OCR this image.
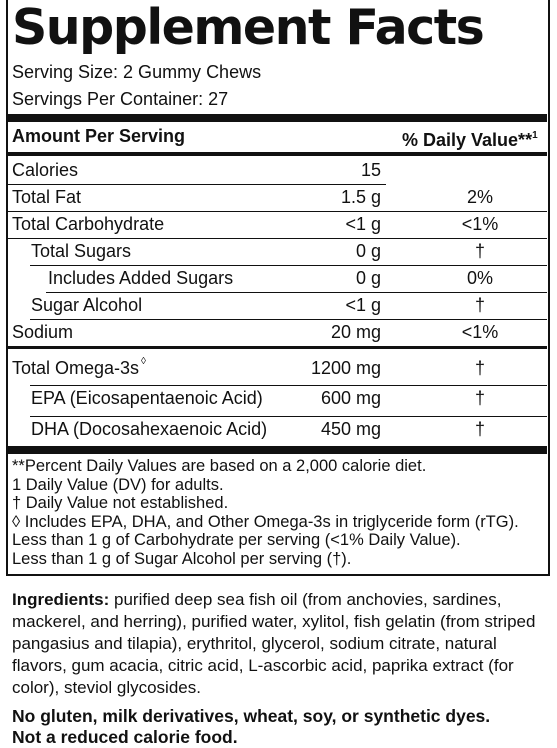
Supplement Facts
Serving Size: 2 Gummy Chews
Servings Per Container: 27
Amount Per Serving	% Daily Value**$^1$
Calories	15
Total Fat	1.5 g	2%
Total Carbohydrate	<1 g	<1%
Total Sugars	0 g	†
Includes Added Sugars	0 g	0%
Sugar Alcohol	<1 g	†
Sodium	20 mg	<1%
Total Omega-3s ◊	1200 mg	†
EPA (Eicosapentaenoic Acid)	600 mg	†
DHA (Docosahexaenoic Acid)	450 mg	†
**Percent Daily Values are based on a 2,000 calorie diet.
1 Daily Value (DV) for adults.
† Daily Value not established.
◊ Includes EPA, DHA, and Other Omega-3s in triglyceride form (rTG).
Less than 1 g of Carbohydrate per serving (<1% Daily Value).
Less than 1 g of Sugar Alcohol per serving (†).
Ingredients: purified deep sea fish oil (from anchovies, sardines, mackerel, and herring), purified water, xylitol, fish gelatin (from striped pangasius and tilapia), erythritol, glycerol, sodium citrate, natural flavors, gum acacia, citric acid, L-ascorbic acid, paprika extract (for color), steviol glycosides.
No gluten, milk derivatives, wheat, soy, or synthetic dyes.
Not a reduced calorie food.
